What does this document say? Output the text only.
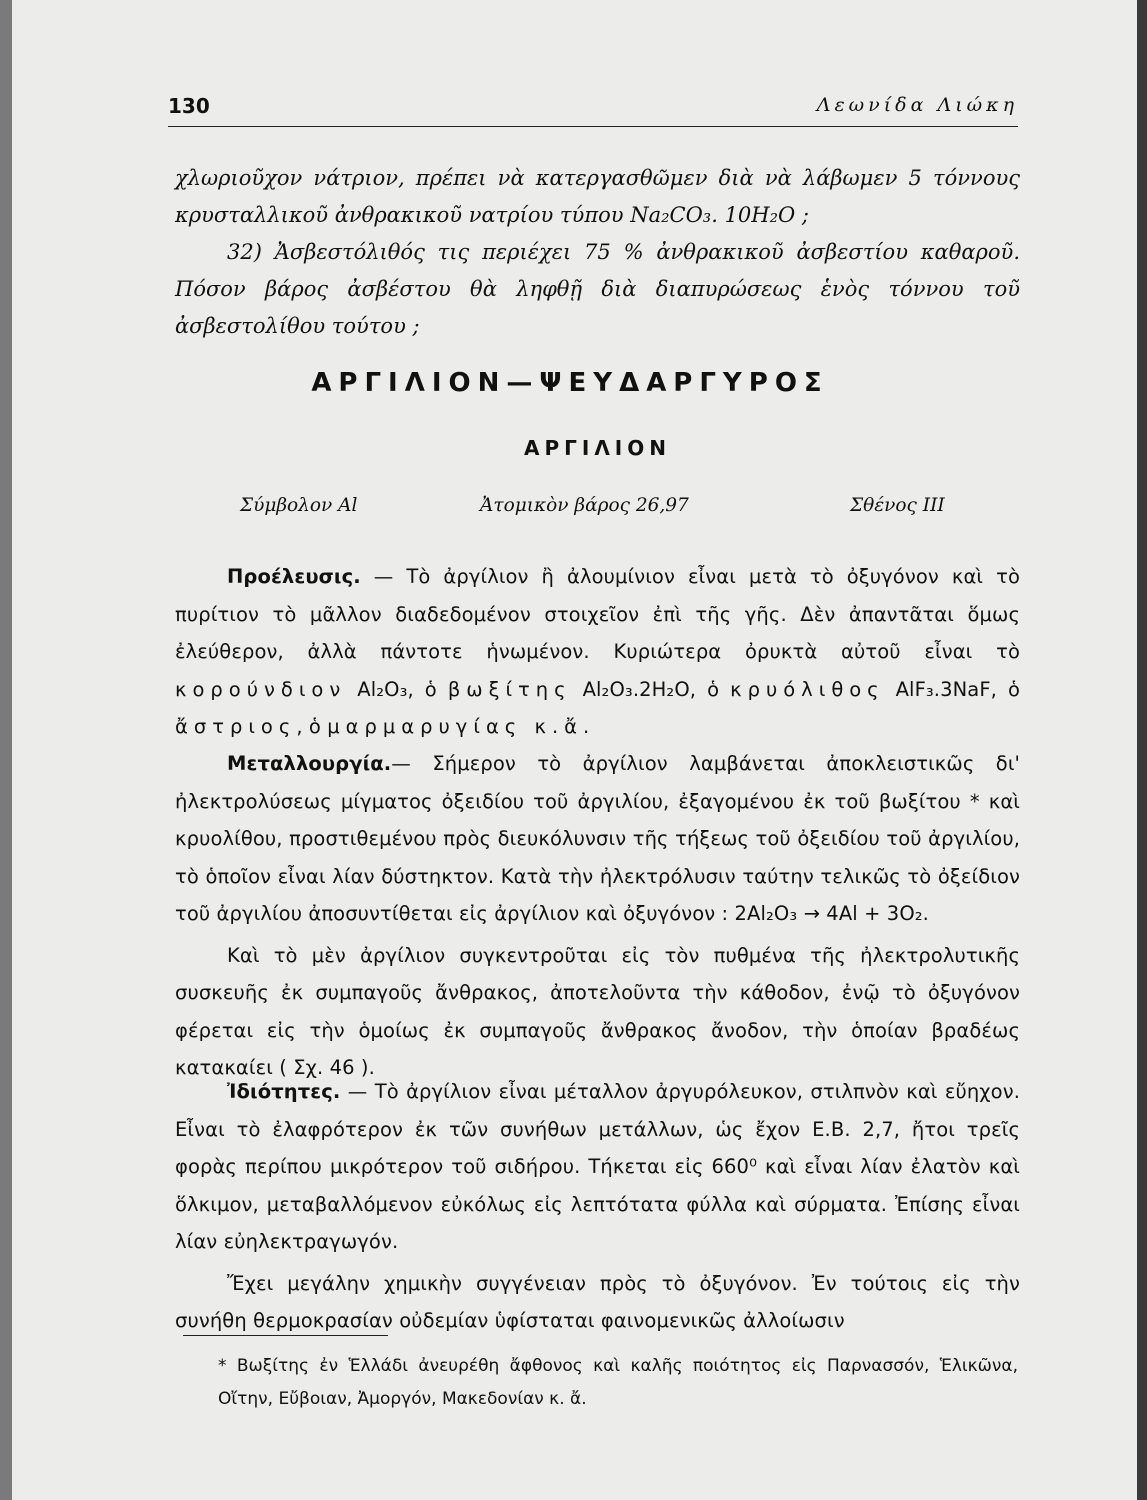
130	Λεωνίδα Λιώκη

χλωριοῦχον νάτριον, πρέπει νὰ κατεργασθῶμεν διὰ νὰ λάβωμεν 5 τόννους κρυσταλλικοῦ ἀνθρακικοῦ νατρίου τύπου Na₂CO₃. 10H₂O ;

32) Ἀσβεστόλιθός τις περιέχει 75 % ἀνθρακικοῦ ἀσβεστίου καθαροῦ. Πόσον βάρος ἀσβέστου θὰ ληφθῇ διὰ διαπυρώσεως ἑνὸς τόννου τοῦ ἀσβεστολίθου τούτου ;

ΑΡΓΙΛΙΟΝ—ΨΕΥΔΑΡΓΥΡΟΣ
ΑΡΓΙΛΙΟΝ
Σύμβολον Al	Ἀτομικὸν βάρος 26,97	Σθένος III

Προέλευσις. — Τὸ ἀργίλιον ἢ ἀλουμίνιον εἶναι μετὰ τὸ ὀξυγόνον καὶ τὸ πυρίτιον τὸ μᾶλλον διαδεδομένον στοιχεῖον ἐπὶ τῆς γῆς. Δὲν ἀπαντᾶται ὅμως ἐλεύθερον, ἀλλὰ πάντοτε ἡνωμένον. Κυριώτερα ὀρυκτὰ αὐτοῦ εἶναι τὸ κορούνδιον Al₂O₃, ὁ βωξίτης Al₂O₃.2H₂O, ὁ κρυόλιθος AlF₃.3NaF, ὁ ἄστριος, ὁ μαρμαρυγίας κ.ἄ.

Μεταλλουργία.— Σήμερον τὸ ἀργίλιον λαμβάνεται ἀποκλειστικῶς δι' ἠλεκτρολύσεως μίγματος ὀξειδίου τοῦ ἀργιλίου, ἐξαγομένου ἐκ τοῦ βωξίτου * καὶ κρυολίθου, προστιθεμένου πρὸς διευκόλυνσιν τῆς τήξεως τοῦ ὀξειδίου τοῦ ἀργιλίου, τὸ ὁποῖον εἶναι λίαν δύστηκτον. Κατὰ τὴν ἠλεκτρόλυσιν ταύτην τελικῶς τὸ ὀξείδιον τοῦ ἀργιλίου ἀποσυντίθεται εἰς ἀργίλιον καὶ ὀξυγόνον : 2Al₂O₃ → 4Al + 3O₂.

Καὶ τὸ μὲν ἀργίλιον συγκεντροῦται εἰς τὸν πυθμένα τῆς ἠλεκτρολυτικῆς συσκευῆς ἐκ συμπαγοῦς ἄνθρακος, ἀποτελοῦντα τὴν κάθοδον, ἐνῷ τὸ ὀξυγόνον φέρεται εἰς τὴν ὁμοίως ἐκ συμπαγοῦς ἄνθρακος ἄνοδον, τὴν ὁποίαν βραδέως κατακαίει ( Σχ. 46 ).

Ἰδιότητες. — Τὸ ἀργίλιον εἶναι μέταλλον ἀργυρόλευκον, στιλπνὸν καὶ εὔηχον. Εἶναι τὸ ἐλαφρότερον ἐκ τῶν συνήθων μετάλλων, ὡς ἔχον Ε.Β. 2,7, ἤτοι τρεῖς φορὰς περίπου μικρότερον τοῦ σιδήρου. Τήκεται εἰς 660⁰ καὶ εἶναι λίαν ἐλατὸν καὶ ὅλκιμον, μεταβαλλόμενον εὐκόλως εἰς λεπτότατα φύλλα καὶ σύρματα. Ἐπίσης εἶναι λίαν εὐηλεκτραγωγόν.

Ἔχει μεγάλην χημικὴν συγγένειαν πρὸς τὸ ὀξυγόνον. Ἐν τούτοις εἰς τὴν συνήθη θερμοκρασίαν οὐδεμίαν ὑφίσταται φαινομενικῶς ἀλλοίωσιν

* Βωξίτης ἐν Ἑλλάδι ἀνευρέθη ἄφθονος καὶ καλῆς ποιότητος εἰς Παρνασσόν, Ἑλικῶνα, Οἴτην, Εὔβοιαν, Ἀμοργόν, Μακεδονίαν κ. ἄ.
